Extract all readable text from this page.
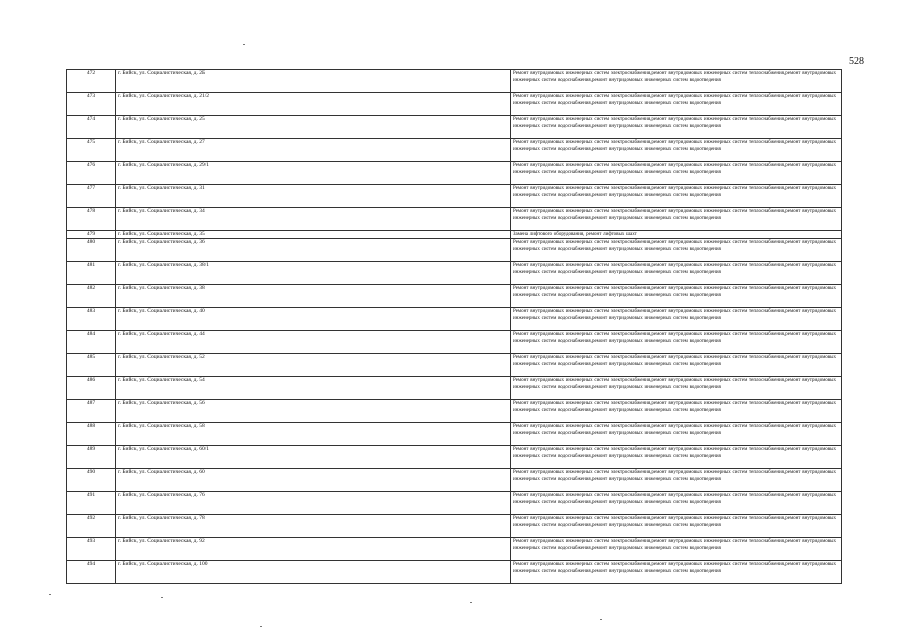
528
472	г. Бийск, ул. Социалистическая, д. 2Б	Ремонт внутридомовых инженерных систем электроснабжения,ремонт внутридомовых инженерных систем теплоснабжения,ремонт внутридомовых инженерных систем водоснабжения,ремонт внутридомовых инженерных систем водоотведения

473	г. Бийск, ул. Социалистическая, д. 21/2	Ремонт внутридомовых инженерных систем электроснабжения,ремонт внутридомовых инженерных систем теплоснабжения,ремонт внутридомовых инженерных систем водоснабжения,ремонт внутридомовых инженерных систем водоотведения

474	г. Бийск, ул. Социалистическая, д. 25	Ремонт внутридомовых инженерных систем электроснабжения,ремонт внутридомовых инженерных систем теплоснабжения,ремонт внутридомовых инженерных систем водоснабжения,ремонт внутридомовых инженерных систем водоотведения

475	г. Бийск, ул. Социалистическая, д. 27	Ремонт внутридомовых инженерных систем электроснабжения,ремонт внутридомовых инженерных систем теплоснабжения,ремонт внутридомовых инженерных систем водоснабжения,ремонт внутридомовых инженерных систем водоотведения

476	г. Бийск, ул. Социалистическая, д. 29/1	Ремонт внутридомовых инженерных систем электроснабжения,ремонт внутридомовых инженерных систем теплоснабжения,ремонт внутридомовых инженерных систем водоснабжения,ремонт внутридомовых инженерных систем водоотведения

477	г. Бийск, ул. Социалистическая, д. 31	Ремонт внутридомовых инженерных систем электроснабжения,ремонт внутридомовых инженерных систем теплоснабжения,ремонт внутридомовых инженерных систем водоснабжения,ремонт внутридомовых инженерных систем водоотведения

478	г. Бийск, ул. Социалистическая, д. 34	Ремонт внутридомовых инженерных систем электроснабжения,ремонт внутридомовых инженерных систем теплоснабжения,ремонт внутридомовых инженерных систем водоснабжения,ремонт внутридомовых инженерных систем водоотведения

479	г. Бийск, ул. Социалистическая, д. 35	Замена лифтового оборудования, ремонт лифтовых шахт

480	г. Бийск, ул. Социалистическая, д. 36	Ремонт внутридомовых инженерных систем электроснабжения,ремонт внутридомовых инженерных систем теплоснабжения,ремонт внутридомовых инженерных систем водоснабжения,ремонт внутридомовых инженерных систем водоотведения

481	г. Бийск, ул. Социалистическая, д. 38/1	Ремонт внутридомовых инженерных систем электроснабжения,ремонт внутридомовых инженерных систем теплоснабжения,ремонт внутридомовых инженерных систем водоснабжения,ремонт внутридомовых инженерных систем водоотведения

482	г. Бийск, ул. Социалистическая, д. 38	Ремонт внутридомовых инженерных систем электроснабжения,ремонт внутридомовых инженерных систем теплоснабжения,ремонт внутридомовых инженерных систем водоснабжения,ремонт внутридомовых инженерных систем водоотведения

483	г. Бийск, ул. Социалистическая, д. 40	Ремонт внутридомовых инженерных систем электроснабжения,ремонт внутридомовых инженерных систем теплоснабжения,ремонт внутридомовых инженерных систем водоснабжения,ремонт внутридомовых инженерных систем водоотведения

484	г. Бийск, ул. Социалистическая, д. 44	Ремонт внутридомовых инженерных систем электроснабжения,ремонт внутридомовых инженерных систем теплоснабжения,ремонт внутридомовых инженерных систем водоснабжения,ремонт внутридомовых инженерных систем водоотведения

485	г. Бийск, ул. Социалистическая, д. 52	Ремонт внутридомовых инженерных систем электроснабжения,ремонт внутридомовых инженерных систем теплоснабжения,ремонт внутридомовых инженерных систем водоснабжения,ремонт внутридомовых инженерных систем водоотведения

486	г. Бийск, ул. Социалистическая, д. 54	Ремонт внутридомовых инженерных систем электроснабжения,ремонт внутридомовых инженерных систем теплоснабжения,ремонт внутридомовых инженерных систем водоснабжения,ремонт внутридомовых инженерных систем водоотведения

487	г. Бийск, ул. Социалистическая, д. 56	Ремонт внутридомовых инженерных систем электроснабжения,ремонт внутридомовых инженерных систем теплоснабжения,ремонт внутридомовых инженерных систем водоснабжения,ремонт внутридомовых инженерных систем водоотведения

488	г. Бийск, ул. Социалистическая, д. 58	Ремонт внутридомовых инженерных систем электроснабжения,ремонт внутридомовых инженерных систем теплоснабжения,ремонт внутридомовых инженерных систем водоснабжения,ремонт внутридомовых инженерных систем водоотведения

489	г. Бийск, ул. Социалистическая, д. 60/1	Ремонт внутридомовых инженерных систем электроснабжения,ремонт внутридомовых инженерных систем теплоснабжения,ремонт внутридомовых инженерных систем водоснабжения,ремонт внутридомовых инженерных систем водоотведения

490	г. Бийск, ул. Социалистическая, д. 60	Ремонт внутридомовых инженерных систем электроснабжения,ремонт внутридомовых инженерных систем теплоснабжения,ремонт внутридомовых инженерных систем водоснабжения,ремонт внутридомовых инженерных систем водоотведения

491	г. Бийск, ул. Социалистическая, д. 76	Ремонт внутридомовых инженерных систем электроснабжения,ремонт внутридомовых инженерных систем теплоснабжения,ремонт внутридомовых инженерных систем водоснабжения,ремонт внутридомовых инженерных систем водоотведения

492	г. Бийск, ул. Социалистическая, д. 78	Ремонт внутридомовых инженерных систем электроснабжения,ремонт внутридомовых инженерных систем теплоснабжения,ремонт внутридомовых инженерных систем водоснабжения,ремонт внутридомовых инженерных систем водоотведения

493	г. Бийск, ул. Социалистическая, д. 92	Ремонт внутридомовых инженерных систем электроснабжения,ремонт внутридомовых инженерных систем теплоснабжения,ремонт внутридомовых инженерных систем водоснабжения,ремонт внутридомовых инженерных систем водоотведения

494	г. Бийск, ул. Социалистическая, д. 100	Ремонт внутридомовых инженерных систем электроснабжения,ремонт внутридомовых инженерных систем теплоснабжения,ремонт внутридомовых инженерных систем водоснабжения,ремонт внутридомовых инженерных систем водоотведения
